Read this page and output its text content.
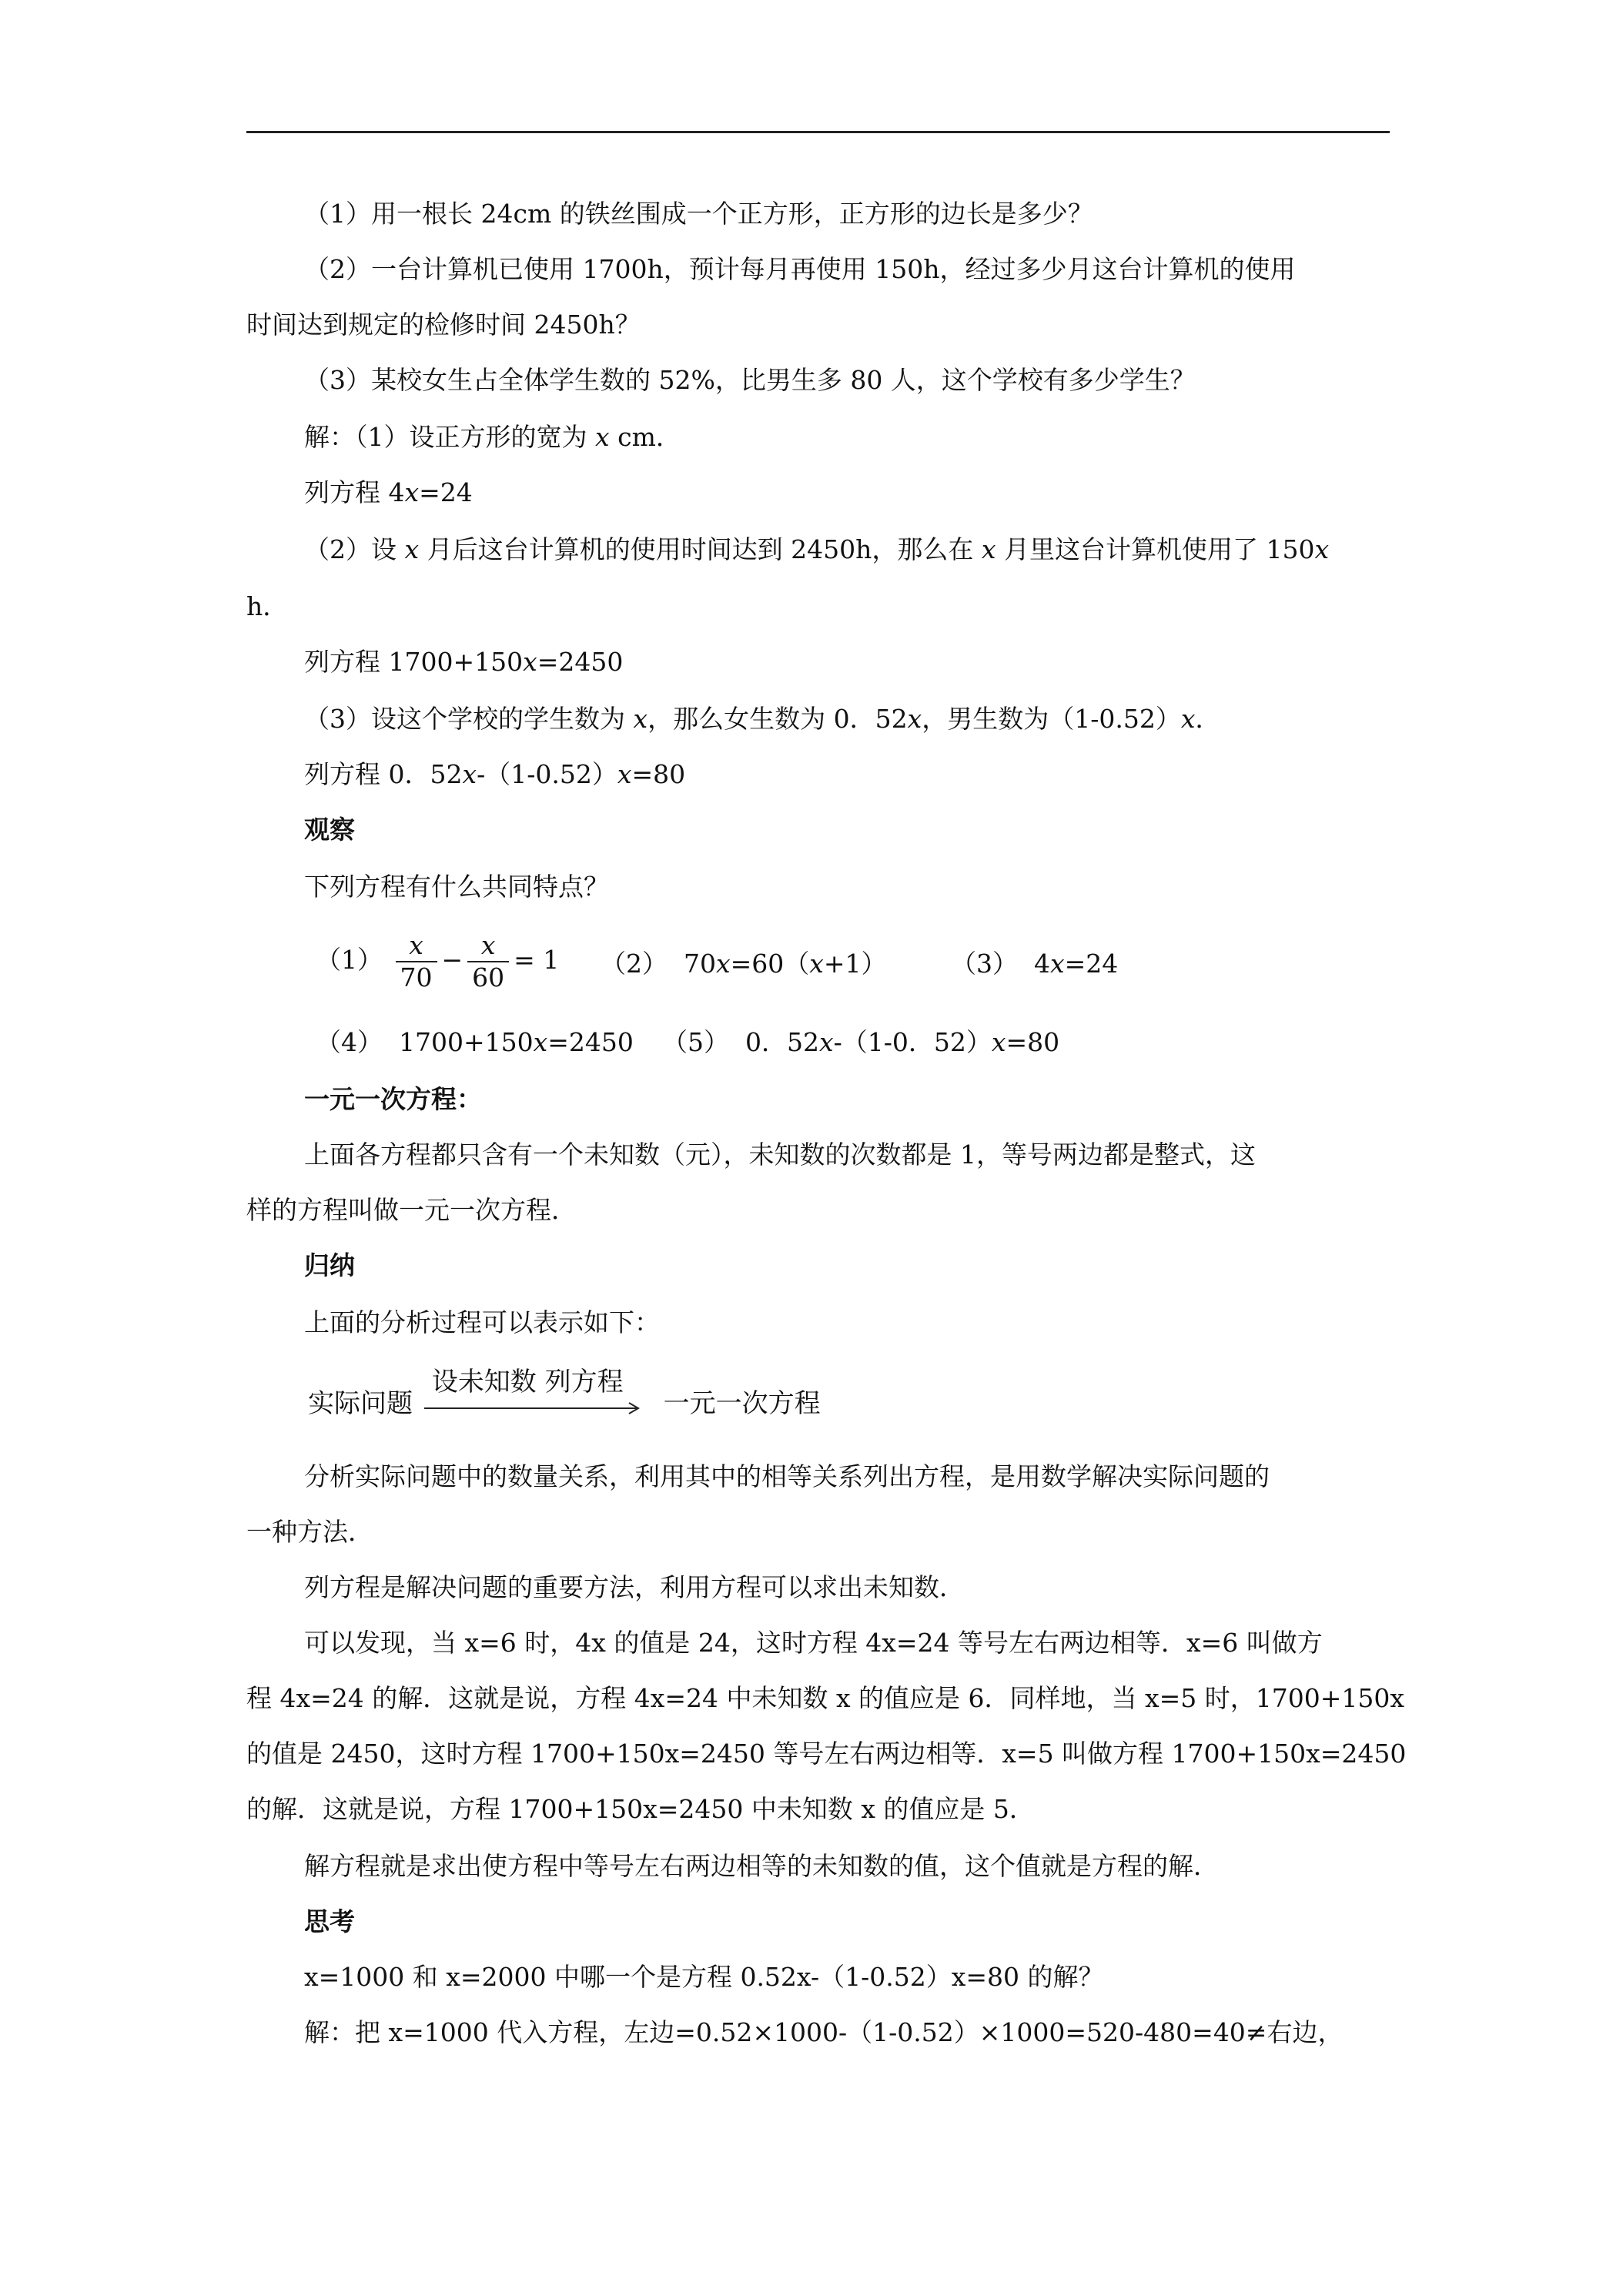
（1）用一根长 24cm 的铁丝围成一个正方形，正方形的边长是多少？
（2）一台计算机已使用 1700h，预计每月再使用 150h，经过多少月这台计算机的使用
时间达到规定的检修时间 2450h？
（3）某校女生占全体学生数的 52%，比男生多 80 人，这个学校有多少学生？
解：（1）设正方形的宽为 x cm．
列方程 4x=24
（2）设 x 月后这台计算机的使用时间达到 2450h，那么在 x 月里这台计算机使用了 150x
h．
列方程 1700+150x=2450
（3）设这个学校的学生数为 x，那么女生数为 0．52x，男生数为（1-0.52）x．
列方程 0．52x-（1-0.52）x=80
观察
下列方程有什么共同特点？
$(1) \frac{x}{70} - \frac{x}{60} = 1$ （2） 70x=60（x+1）	（3） 4x=24
（4） 1700+150x=2450 （5） 0．52x-（1-0．52）x=80
一元一次方程：
上面各方程都只含有一个未知数（元），未知数的次数都是 1，等号两边都是整式，这
样的方程叫做一元一次方程．
归纳
上面的分析过程可以表示如下：
实际问题
设未知数 列方程
一元一次方程
分析实际问题中的数量关系，利用其中的相等关系列出方程，是用数学解决实际问题的
一种方法．
列方程是解决问题的重要方法，利用方程可以求出未知数．
可以发现，当 x=6 时，4x 的值是 24，这时方程 4x=24 等号左右两边相等．x=6 叫做方
程 4x=24 的解．这就是说，方程 4x=24 中未知数 x 的值应是 6．同样地，当 x=5 时，1700+150x
的值是 2450，这时方程 1700+150x=2450 等号左右两边相等．x=5 叫做方程 1700+150x=2450
的解．这就是说，方程 1700+150x=2450 中未知数 x 的值应是 5．
解方程就是求出使方程中等号左右两边相等的未知数的值，这个值就是方程的解．
思考
x=1000 和 x=2000 中哪一个是方程 0.52x-（1-0.52）x=80 的解？
解：把 x=1000 代入方程，左边=0.52×1000-（1-0.52）×1000=520-480=40≠右边，
